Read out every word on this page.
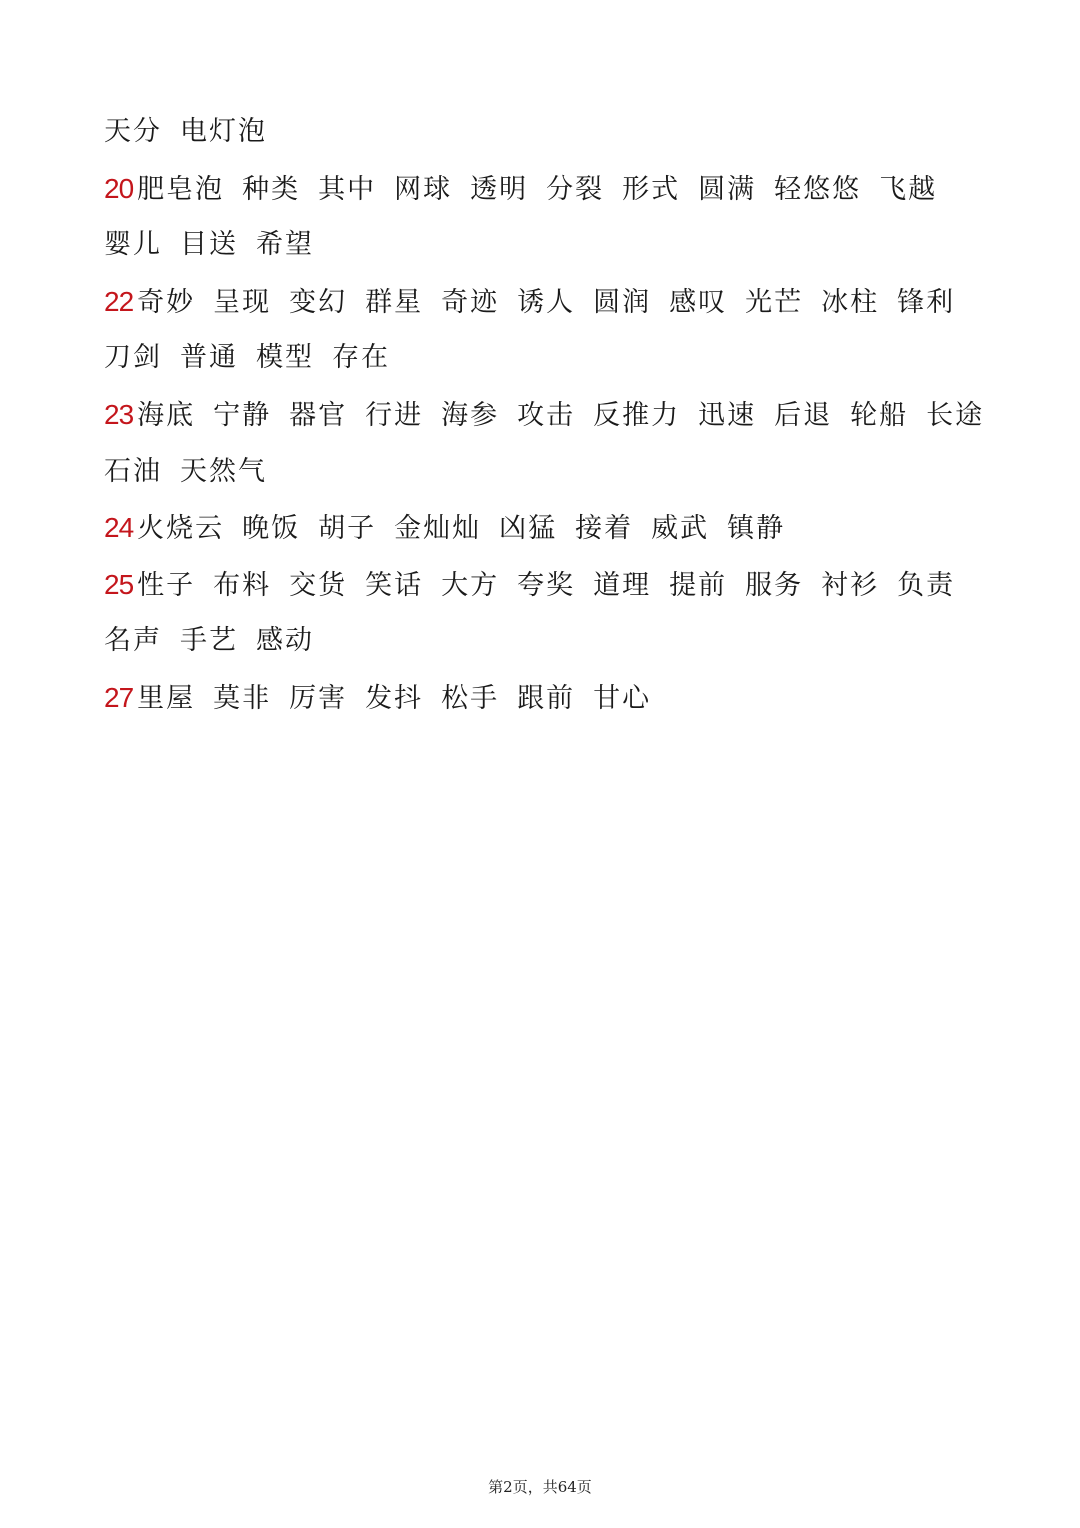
天分 电灯泡
20 肥皂泡 种类 其中 网球 透明 分裂 形式 圆满 轻悠悠 飞越
婴儿 目送 希望
22 奇妙 呈现 变幻 群星 奇迹 诱人 圆润 感叹 光芒 冰柱 锋利
刀剑 普通 模型 存在
23 海底 宁静 器官 行进 海参 攻击 反推力 迅速 后退 轮船 长途
石油 天然气
24 火烧云 晚饭 胡子 金灿灿 凶猛 接着 威武 镇静
25 性子 布料 交货 笑话 大方 夸奖 道理 提前 服务 衬衫 负责
名声 手艺 感动
27 里屋 莫非 厉害 发抖 松手 跟前 甘心
第2页，共64页
